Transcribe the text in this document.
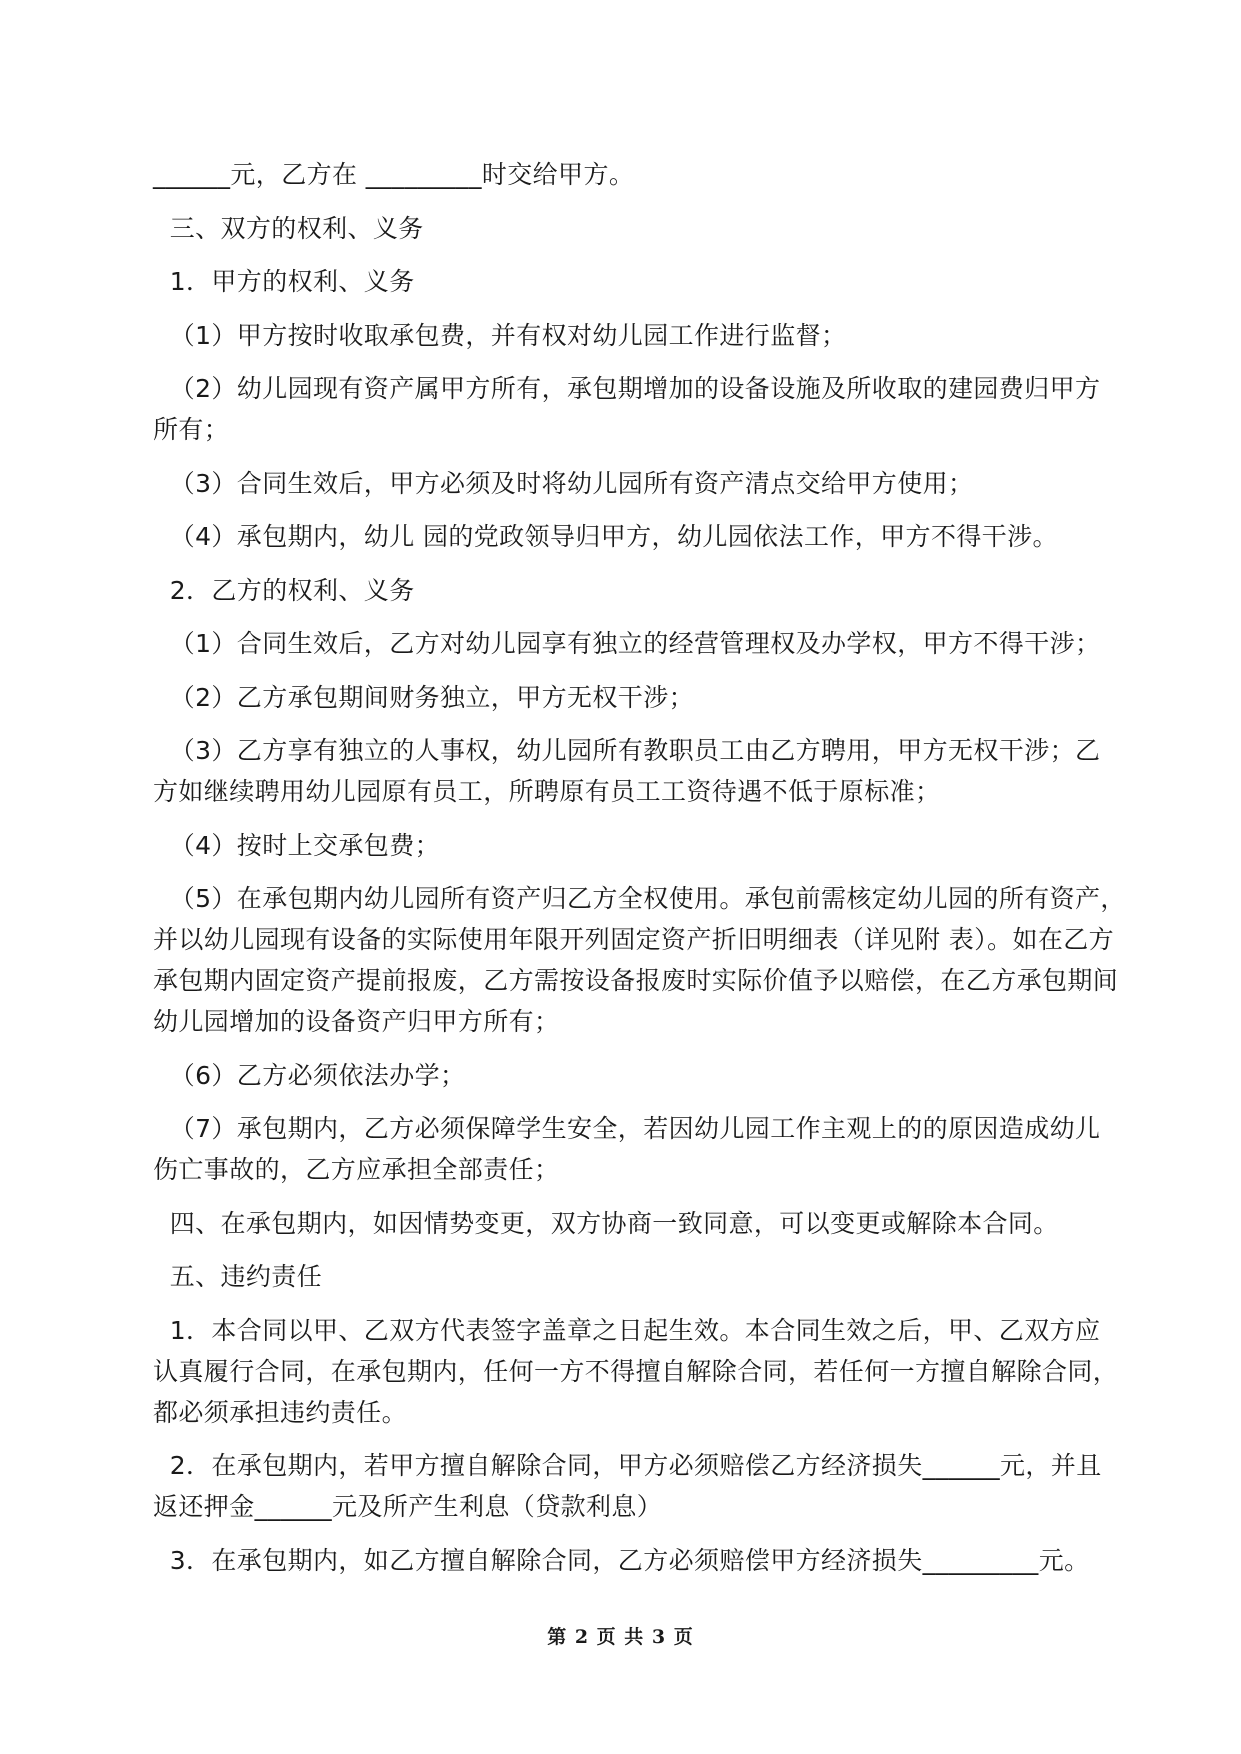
______元，乙方在 _________时交给甲方。
三、双方的权利、义务
1．甲方的权利、义务
（1）甲方按时收取承包费，并有权对幼儿园工作进行监督；
（2）幼儿园现有资产属甲方所有，承包期增加的设备设施及所收取的建园费归甲方
所有；
（3）合同生效后，甲方必须及时将幼儿园所有资产清点交给甲方使用；
（4）承包期内，幼儿 园的党政领导归甲方，幼儿园依法工作，甲方不得干涉。
2．乙方的权利、义务
（1）合同生效后，乙方对幼儿园享有独立的经营管理权及办学权，甲方不得干涉；
（2）乙方承包期间财务独立，甲方无权干涉；
（3）乙方享有独立的人事权，幼儿园所有教职员工由乙方聘用，甲方无权干涉；乙
方如继续聘用幼儿园原有员工，所聘原有员工工资待遇不低于原标准；
（4）按时上交承包费；
（5）在承包期内幼儿园所有资产归乙方全权使用。承包前需核定幼儿园的所有资产，
并以幼儿园现有设备的实际使用年限开列固定资产折旧明细表（详见附 表）。如在乙方
承包期内固定资产提前报废，乙方需按设备报废时实际价值予以赔偿，在乙方承包期间
幼儿园增加的设备资产归甲方所有；
（6）乙方必须依法办学；
（7）承包期内，乙方必须保障学生安全，若因幼儿园工作主观上的的原因造成幼儿
伤亡事故的，乙方应承担全部责任；
四、在承包期内，如因情势变更，双方协商一致同意，可以变更或解除本合同。
五、违约责任
1．本合同以甲、乙双方代表签字盖章之日起生效。本合同生效之后，甲、乙双方应
认真履行合同，在承包期内，任何一方不得擅自解除合同，若任何一方擅自解除合同，
都必须承担违约责任。
2．在承包期内，若甲方擅自解除合同，甲方必须赔偿乙方经济损失______元，并且
返还押金______元及所产生利息（贷款利息）
3．在承包期内，如乙方擅自解除合同，乙方必须赔偿甲方经济损失_________元。
第 2 页 共 3 页
